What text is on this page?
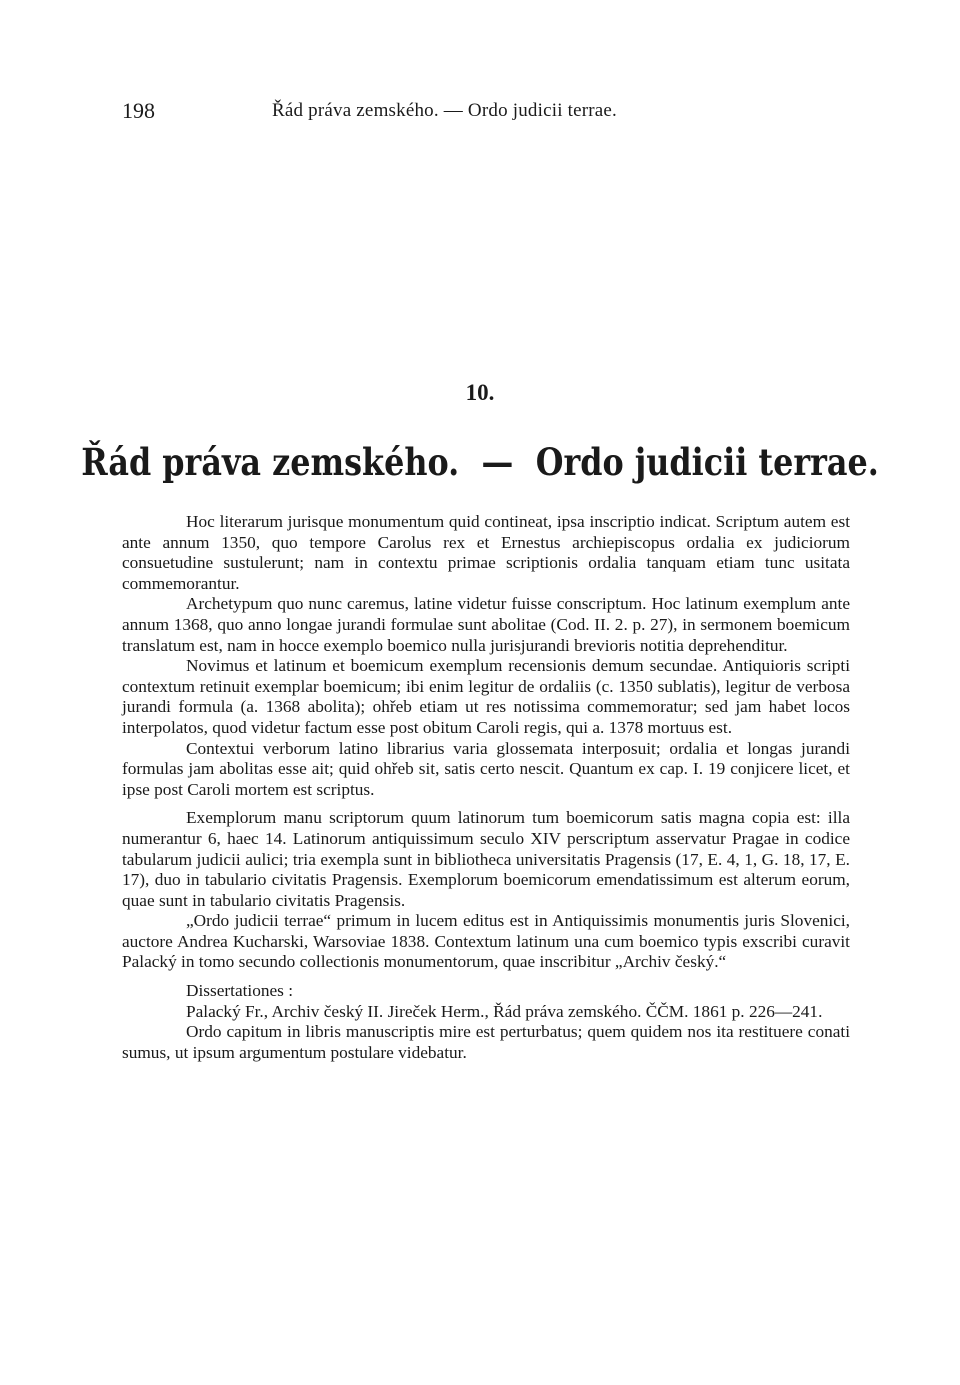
198	Řád práva zemského. — Ordo judicii terrae.
10.
Řád práva zemského. — Ordo judicii terrae.

Hoc literarum jurisque monumentum quid contineat, ipsa inscriptio indicat. Scriptum autem est ante annum 1350, quo tempore Carolus rex et Ernestus archiepiscopus ordalia ex judiciorum consuetudine sustulerunt; nam in contextu primae scriptionis ordalia tanquam etiam tunc usitata commemorantur.

Archetypum quo nunc caremus, latine videtur fuisse conscriptum. Hoc latinum exemplum ante annum 1368, quo anno longae jurandi formulae sunt abolitae (Cod. II. 2. p. 27), in sermonem boemicum translatum est, nam in hocce exemplo boemico nulla jurisjurandi brevioris notitia deprehenditur.

Novimus et latinum et boemicum exemplum recensionis demum secundae. Antiquioris scripti contextum retinuit exemplar boemicum; ibi enim legitur de ordaliis (c. 1350 sublatis), legitur de verbosa jurandi formula (a. 1368 abolita); ohřeb etiam ut res notissima commemoratur; sed jam habet locos interpolatos, quod videtur factum esse post obitum Caroli regis, qui a. 1378 mortuus est.

Contextui verborum latino librarius varia glossemata interposuit; ordalia et longas jurandi formulas jam abolitas esse ait; quid ohřeb sit, satis certo nescit. Quantum ex cap. I. 19 conjicere licet, et ipse post Caroli mortem est scriptus.

Exemplorum manu scriptorum quum latinorum tum boemicorum satis magna copia est: illa numerantur 6, haec 14. Latinorum antiquissimum seculo XIV perscriptum asservatur Pragae in codice tabularum judicii aulici; tria exempla sunt in bibliotheca universitatis Pragensis (17, E. 4, 1, G. 18, 17, E. 17), duo in tabulario civitatis Pragensis. Exemplorum boemicorum emendatissimum est alterum eorum, quae sunt in tabulario civitatis Pragensis.

„Ordo judicii terrae“ primum in lucem editus est in Antiquissimis monumentis juris Slovenici, auctore Andrea Kucharski, Warsoviae 1838. Contextum latinum una cum boemico typis exscribi curavit Palacký in tomo secundo collectionis monumentorum, quae inscribitur „Archiv český.“

Dissertationes :

Palacký Fr., Archiv český II. Jireček Herm., Řád práva zemského. ČČM. 1861 p. 226—241.

Ordo capitum in libris manuscriptis mire est perturbatus; quem quidem nos ita restituere conati sumus, ut ipsum argumentum postulare videbatur.
